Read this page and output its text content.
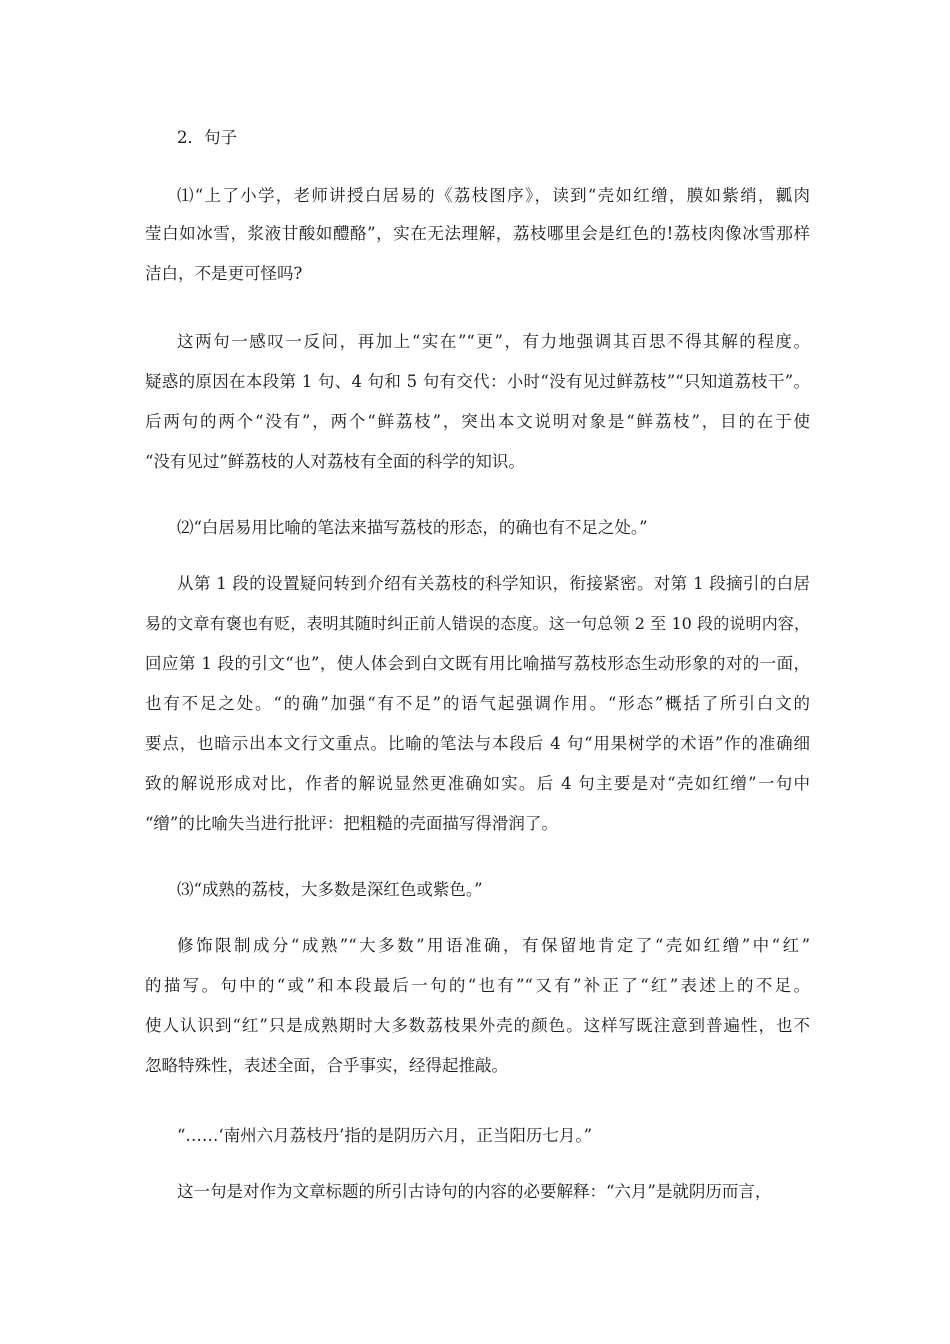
2．句子
⑴“上了小学，老师讲授白居易的《荔枝图序》，读到“壳如红缯，膜如紫绡，瓤肉
莹白如冰雪，浆液甘酸如醴酪”，实在无法理解，荔枝哪里会是红色的!荔枝肉像冰雪那样
洁白，不是更可怪吗?
这两句一感叹一反问，再加上“实在”“更”，有力地强调其百思不得其解的程度。
疑惑的原因在本段第 1 句、4 句和 5 句有交代：小时“没有见过鲜荔枝”“只知道荔枝干”。
后两句的两个“没有”，两个“鲜荔枝”，突出本文说明对象是“鲜荔枝”，目的在于使
“没有见过”鲜荔枝的人对荔枝有全面的科学的知识。
⑵“白居易用比喻的笔法来描写荔枝的形态，的确也有不足之处。”
从第 1 段的设置疑问转到介绍有关荔枝的科学知识，衔接紧密。对第 1 段摘引的白居
易的文章有褒也有贬，表明其随时纠正前人错误的态度。这一句总领 2 至 10 段的说明内容，
回应第 1 段的引文“也”，使人体会到白文既有用比喻描写荔枝形态生动形象的对的一面，
也有不足之处。“的确”加强“有不足”的语气起强调作用。“形态”概括了所引白文的
要点，也暗示出本文行文重点。比喻的笔法与本段后 4 句“用果树学的术语”作的准确细
致的解说形成对比，作者的解说显然更准确如实。后 4 句主要是对“壳如红缯”一句中
“缯”的比喻失当进行批评：把粗糙的壳面描写得滑润了。
⑶“成熟的荔枝，大多数是深红色或紫色。”
修饰限制成分“成熟”“大多数”用语准确，有保留地肯定了“壳如红缯”中“红”
的描写。句中的“或”和本段最后一句的“也有”“又有”补正了“红”表述上的不足。
使人认识到“红”只是成熟期时大多数荔枝果外壳的颜色。这样写既注意到普遍性，也不
忽略特殊性，表述全面，合乎事实，经得起推敲。
“……‘南州六月荔枝丹’指的是阴历六月，正当阳历七月。”
这一句是对作为文章标题的所引古诗句的内容的必要解释：“六月”是就阴历而言，
